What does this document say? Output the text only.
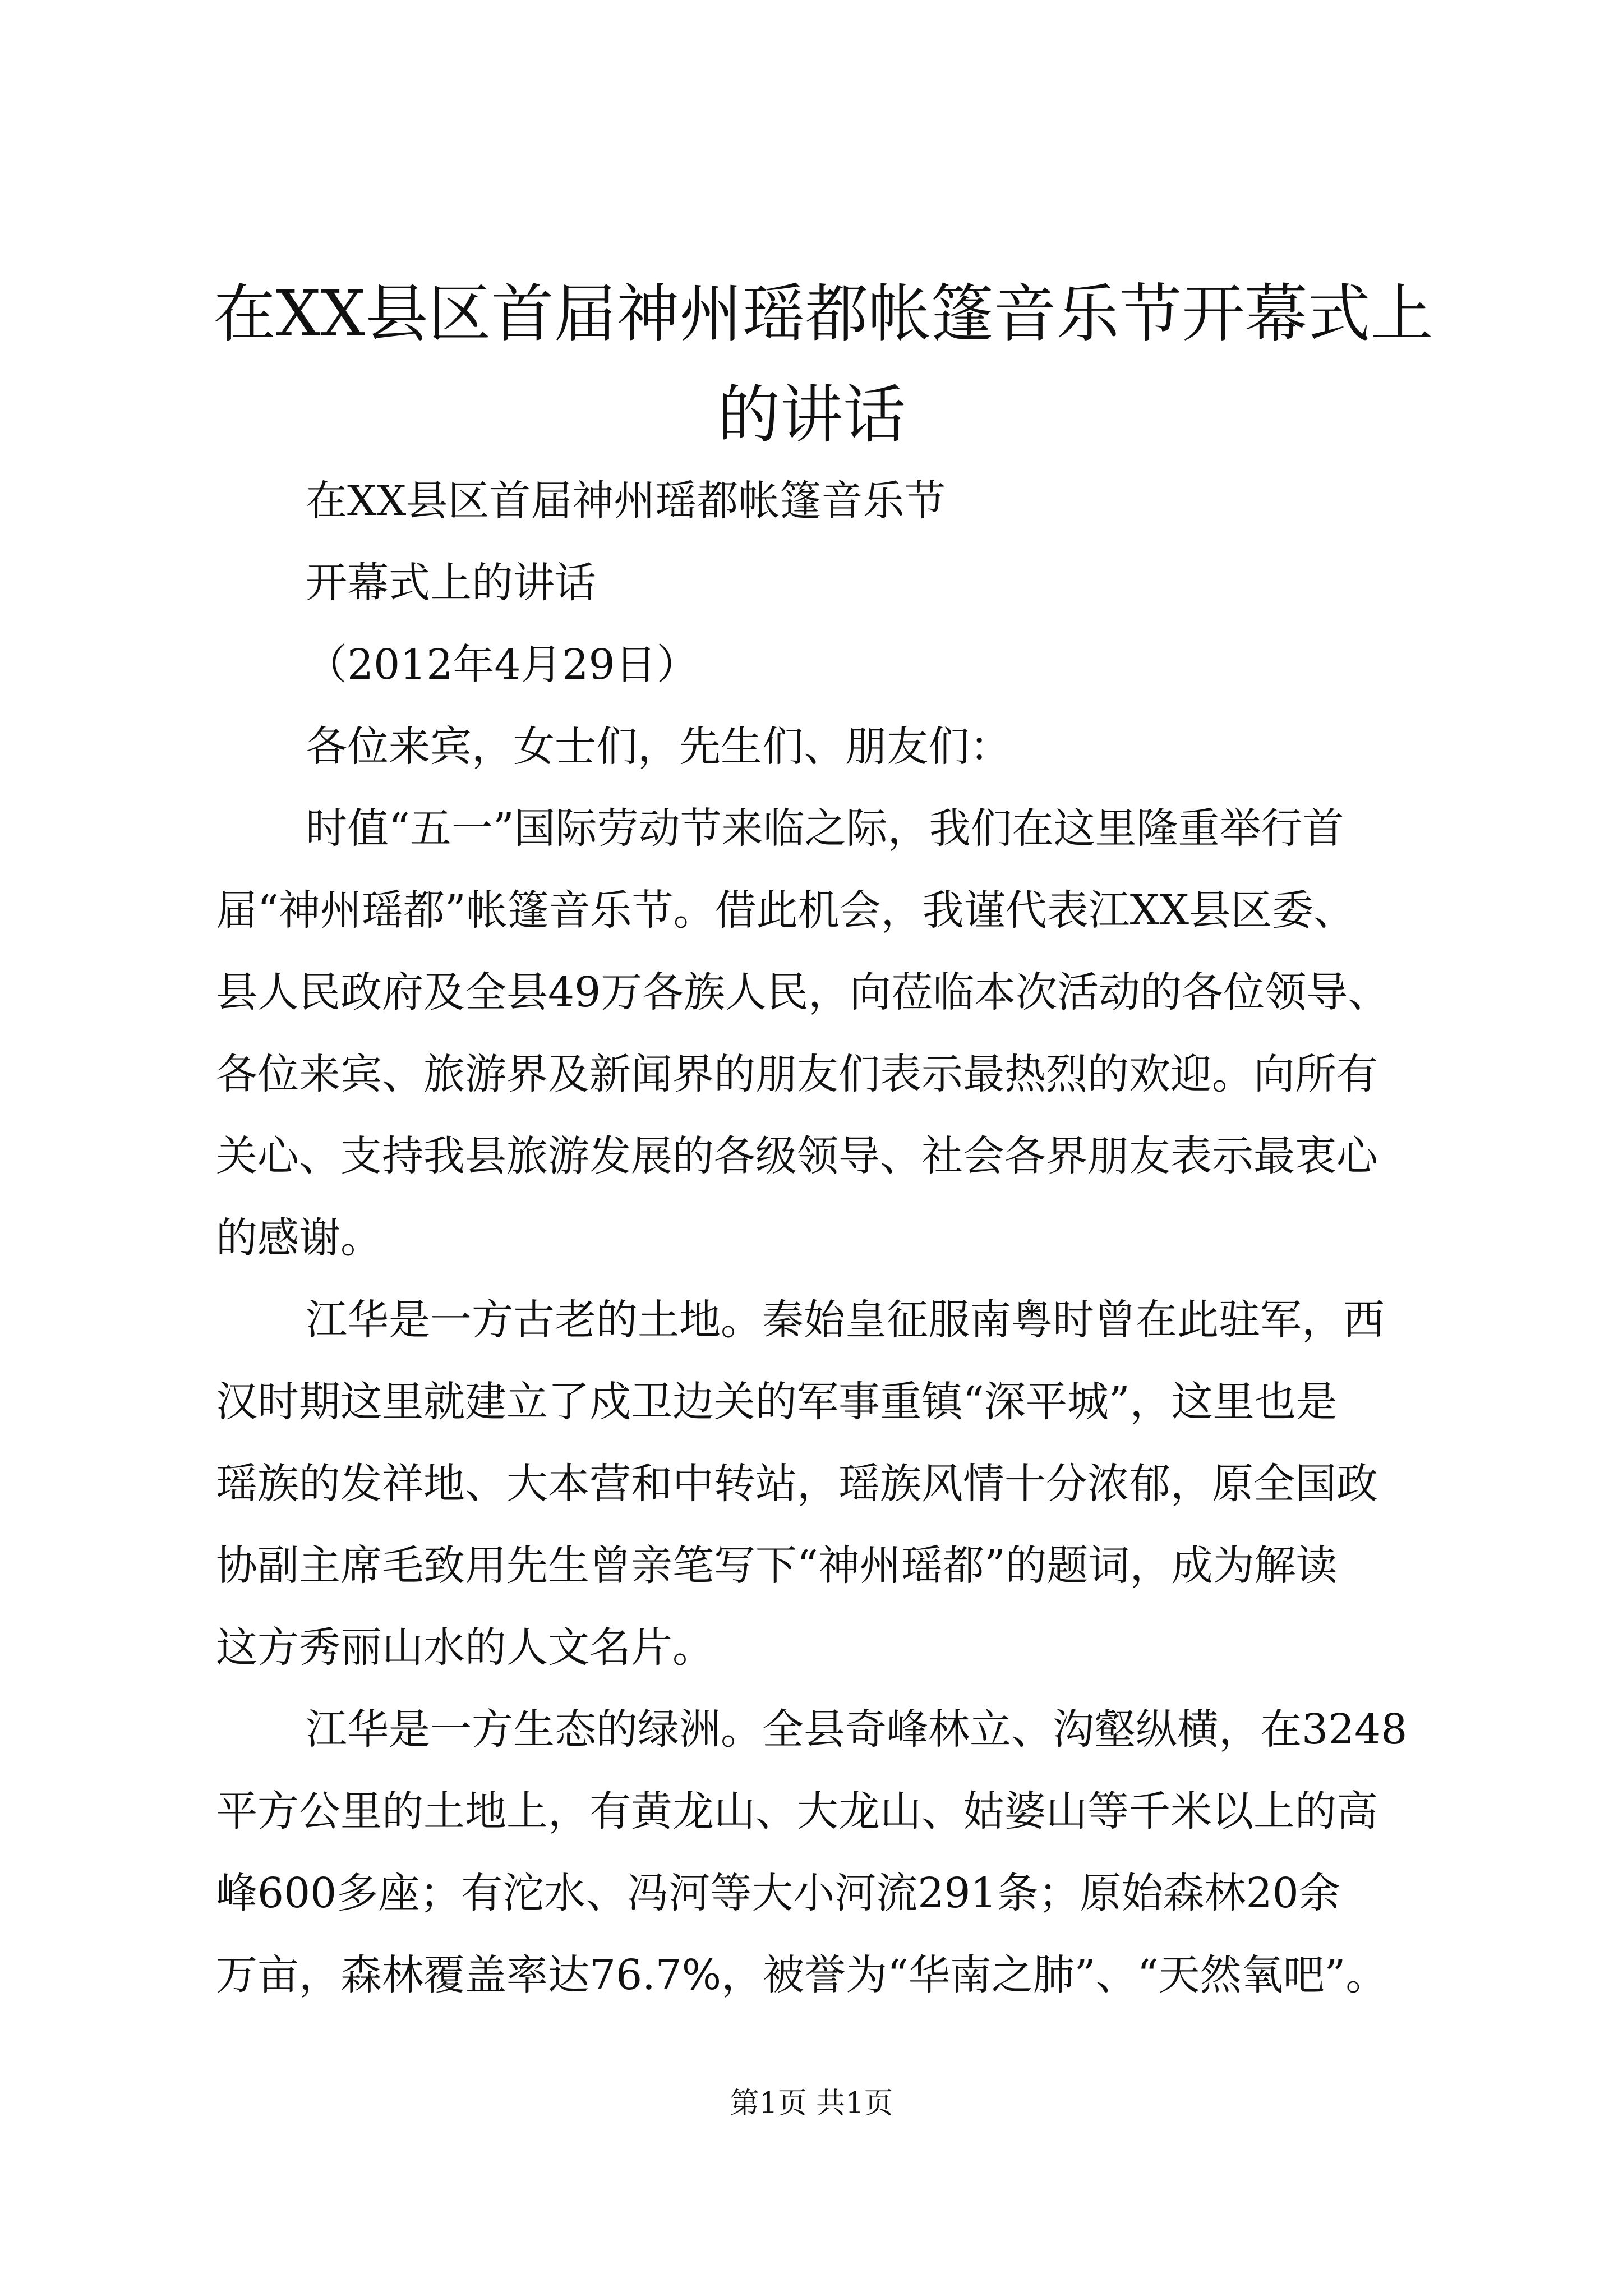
在XX县区首届神州瑶都帐篷音乐节开幕式上
的讲话

在XX县区首届神州瑶都帐篷音乐节

开幕式上的讲话

（2012年4月29日）

各位来宾，女士们，先生们、朋友们：

时值“五一”国际劳动节来临之际，我们在这里隆重举行首

届“神州瑶都”帐篷音乐节。借此机会，我谨代表江XX县区委、

县人民政府及全县49万各族人民，向莅临本次活动的各位领导、

各位来宾、旅游界及新闻界的朋友们表示最热烈的欢迎。向所有

关心、支持我县旅游发展的各级领导、社会各界朋友表示最衷心

的感谢。

江华是一方古老的土地。秦始皇征服南粤时曾在此驻军，西

汉时期这里就建立了戍卫边关的军事重镇“深平城”，这里也是

瑶族的发祥地、大本营和中转站，瑶族风情十分浓郁，原全国政

协副主席毛致用先生曾亲笔写下“神州瑶都”的题词，成为解读

这方秀丽山水的人文名片。

江华是一方生态的绿洲。全县奇峰林立、沟壑纵横，在3248

平方公里的土地上，有黄龙山、大龙山、姑婆山等千米以上的高

峰600多座；有沱水、冯河等大小河流291条；原始森林20余

万亩，森林覆盖率达76.7%，被誉为“华南之肺”、“天然氧吧”。

第1页 共1页
